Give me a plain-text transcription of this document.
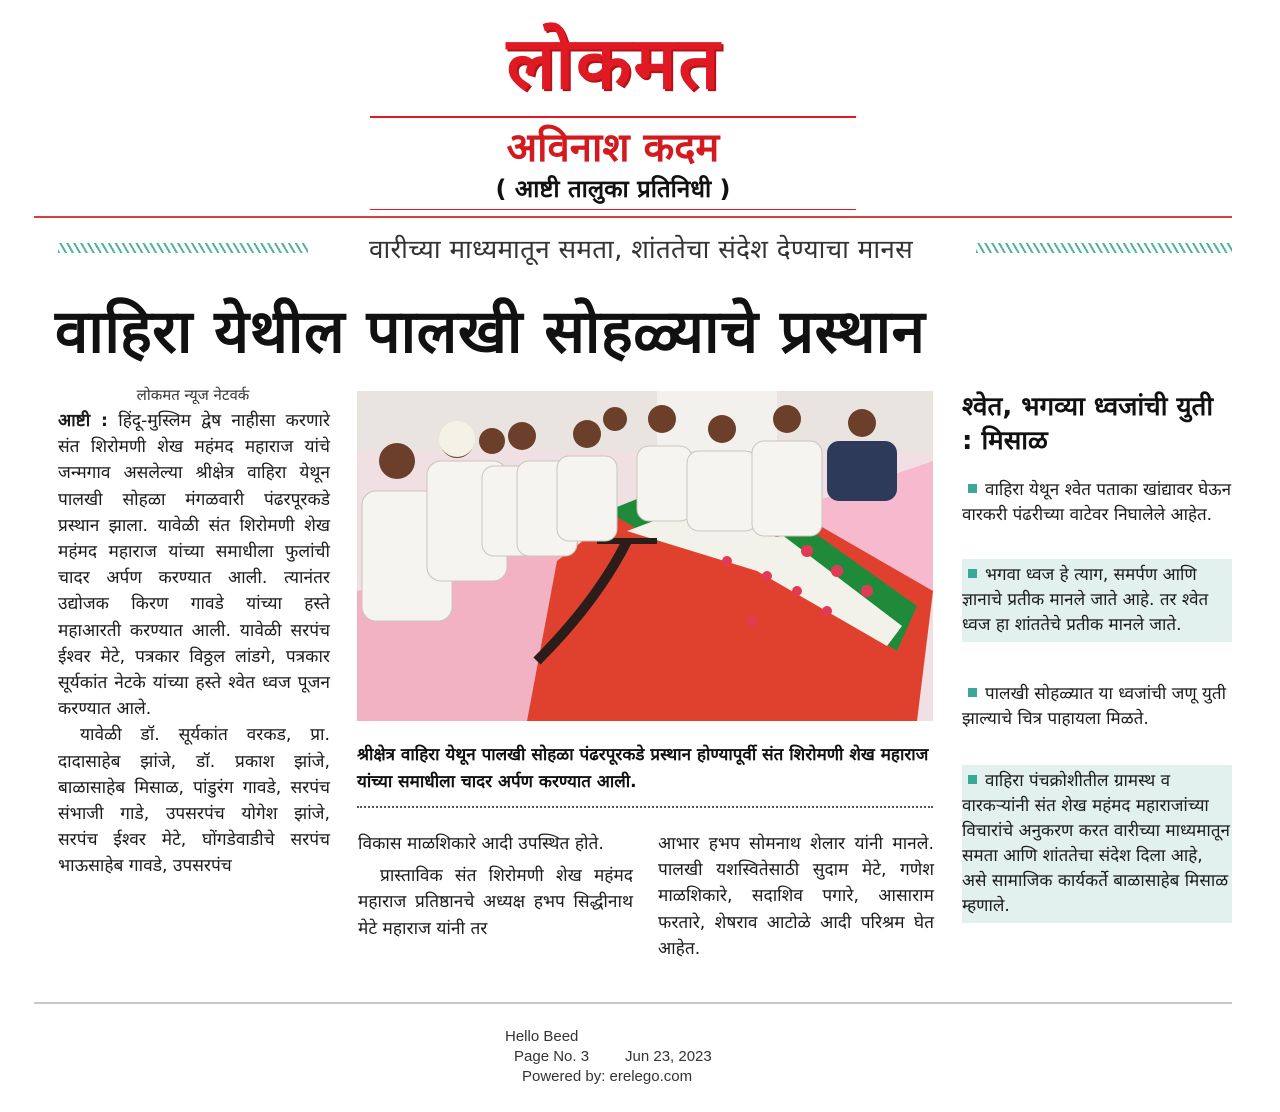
लोकमत
अविनाश कदम
( आष्टी तालुका प्रतिनिधी )
वारीच्या माध्यमातून समता, शांततेचा संदेश देण्याचा मानस
वाहिरा येथील पालखी सोहळ्याचे प्रस्थान
लोकमत न्यूज नेटवर्क

आष्टी : हिंदू-मुस्लिम द्वेष नाहीसा करणारे संत शिरोमणी शेख महंमद महाराज यांचे जन्मगाव असलेल्या श्रीक्षेत्र वाहिरा येथून पालखी सोहळा मंगळवारी पंढरपूरकडे प्रस्थान झाला. यावेळी संत शिरोमणी शेख महंमद महाराज यांच्या समाधीला फुलांची चादर अर्पण करण्यात आली. त्यानंतर उद्योजक किरण गावडे यांच्या हस्ते महाआरती करण्यात आली. यावेळी सरपंच ईश्वर मेटे, पत्रकार विठ्ठल लांडगे, पत्रकार सूर्यकांत नेटके यांच्या हस्ते श्वेत ध्वज पूजन करण्यात आले.

यावेळी डॉ. सूर्यकांत वरकड, प्रा. दादासाहेब झांजे, डॉ. प्रकाश झांजे, बाळासाहेब मिसाळ, पांडुरंग गावडे, सरपंच संभाजी गाडे, उपसरपंच योगेश झांजे, सरपंच ईश्वर मेटे, घोंगडेवाडीचे सरपंच भाऊसाहेब गावडे, उपसरपंच

श्रीक्षेत्र वाहिरा येथून पालखी सोहळा पंढरपूरकडे प्रस्थान होण्यापूर्वी संत शिरोमणी शेख महाराज यांच्या समाधीला चादर अर्पण करण्यात आली.

विकास माळशिकारे आदी उपस्थित होते.

प्रास्ताविक संत शिरोमणी शेख महंमद महाराज प्रतिष्ठानचे अध्यक्ष हभप सिद्धीनाथ मेटे महाराज यांनी तर

आभार हभप सोमनाथ शेलार यांनी मानले. पालखी यशस्वितेसाठी सुदाम मेटे, गणेश माळशिकारे, सदाशिव पगारे, आसाराम फरतारे, शेषराव आटोळे आदी परिश्रम घेत आहेत.

श्वेत, भगव्या ध्वजांची युती : मिसाळ
वाहिरा येथून श्वेत पताका खांद्यावर घेऊन वारकरी पंढरीच्या वाटेवर निघालेले आहेत.
भगवा ध्वज हे त्याग, समर्पण आणि ज्ञानाचे प्रतीक मानले जाते आहे. तर श्वेत ध्वज हा शांततेचे प्रतीक मानले जाते.
पालखी सोहळ्यात या ध्वजांची जणू युती झाल्याचे चित्र पाहायला मिळते.
वाहिरा पंचक्रोशीतील ग्रामस्थ व वारकऱ्यांनी संत शेख महंमद महाराजांच्या विचारांचे अनुकरण करत वारीच्या माध्यमातून समता आणि शांततेचा संदेश दिला आहे, असे सामाजिक कार्यकर्ते बाळासाहेब मिसाळ म्हणाले.
Hello Beed
Page No. 3 Jun 23, 2023
Powered by: erelego.com
